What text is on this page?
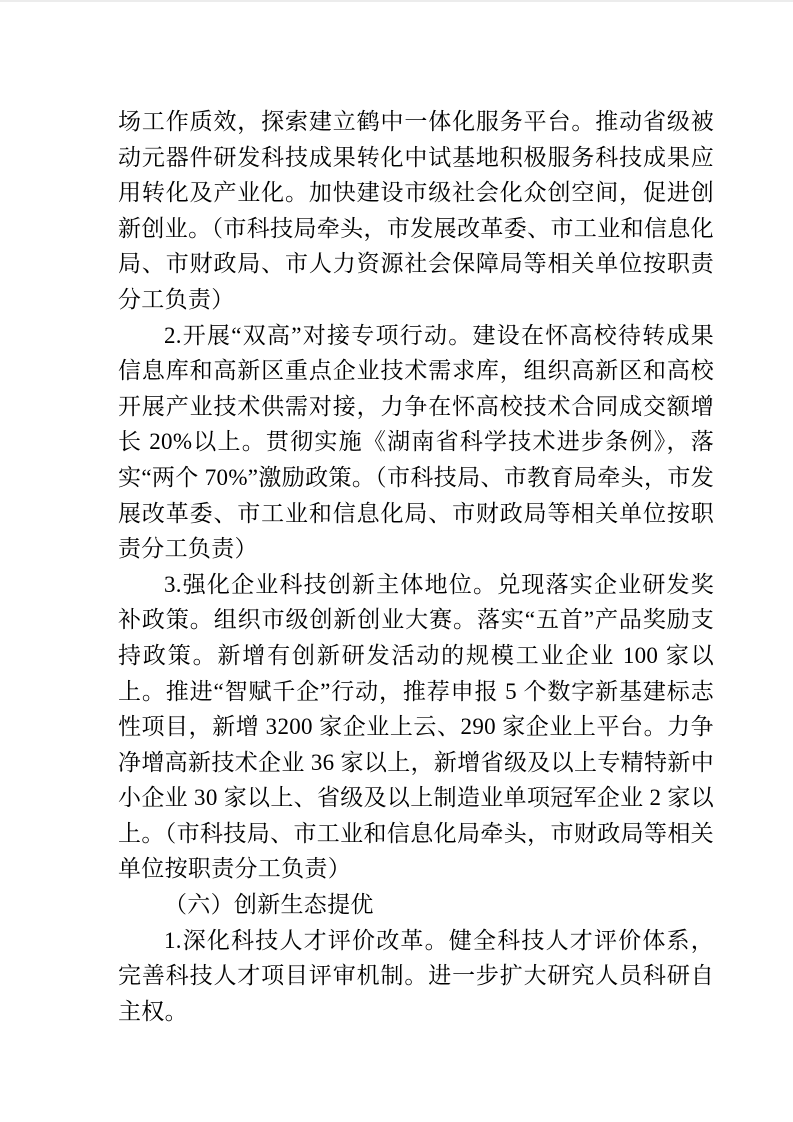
场工作质效，探索建立鹤中一体化服务平台。推动省级被动元器件研发科技成果转化中试基地积极服务科技成果应用转化及产业化。加快建设市级社会化众创空间，促进创新创业。（市科技局牵头，市发展改革委、市工业和信息化局、市财政局、市人力资源社会保障局等相关单位按职责分工负责）

2.开展“双高”对接专项行动。建设在怀高校待转成果信息库和高新区重点企业技术需求库，组织高新区和高校开展产业技术供需对接，力争在怀高校技术合同成交额增长 20%以上。贯彻实施《湖南省科学技术进步条例》，落实“两个 70%”激励政策。（市科技局、市教育局牵头，市发展改革委、市工业和信息化局、市财政局等相关单位按职责分工负责）

3.强化企业科技创新主体地位。兑现落实企业研发奖补政策。组织市级创新创业大赛。落实“五首”产品奖励支持政策。新增有创新研发活动的规模工业企业 100 家以上。推进“智赋千企”行动，推荐申报 5 个数字新基建标志性项目，新增 3200 家企业上云、290 家企业上平台。力争净增高新技术企业 36 家以上，新增省级及以上专精特新中小企业 30 家以上、省级及以上制造业单项冠军企业 2 家以上。（市科技局、市工业和信息化局牵头，市财政局等相关单位按职责分工负责）

（六）创新生态提优

1.深化科技人才评价改革。健全科技人才评价体系，完善科技人才项目评审机制。进一步扩大研究人员科研自主权。
